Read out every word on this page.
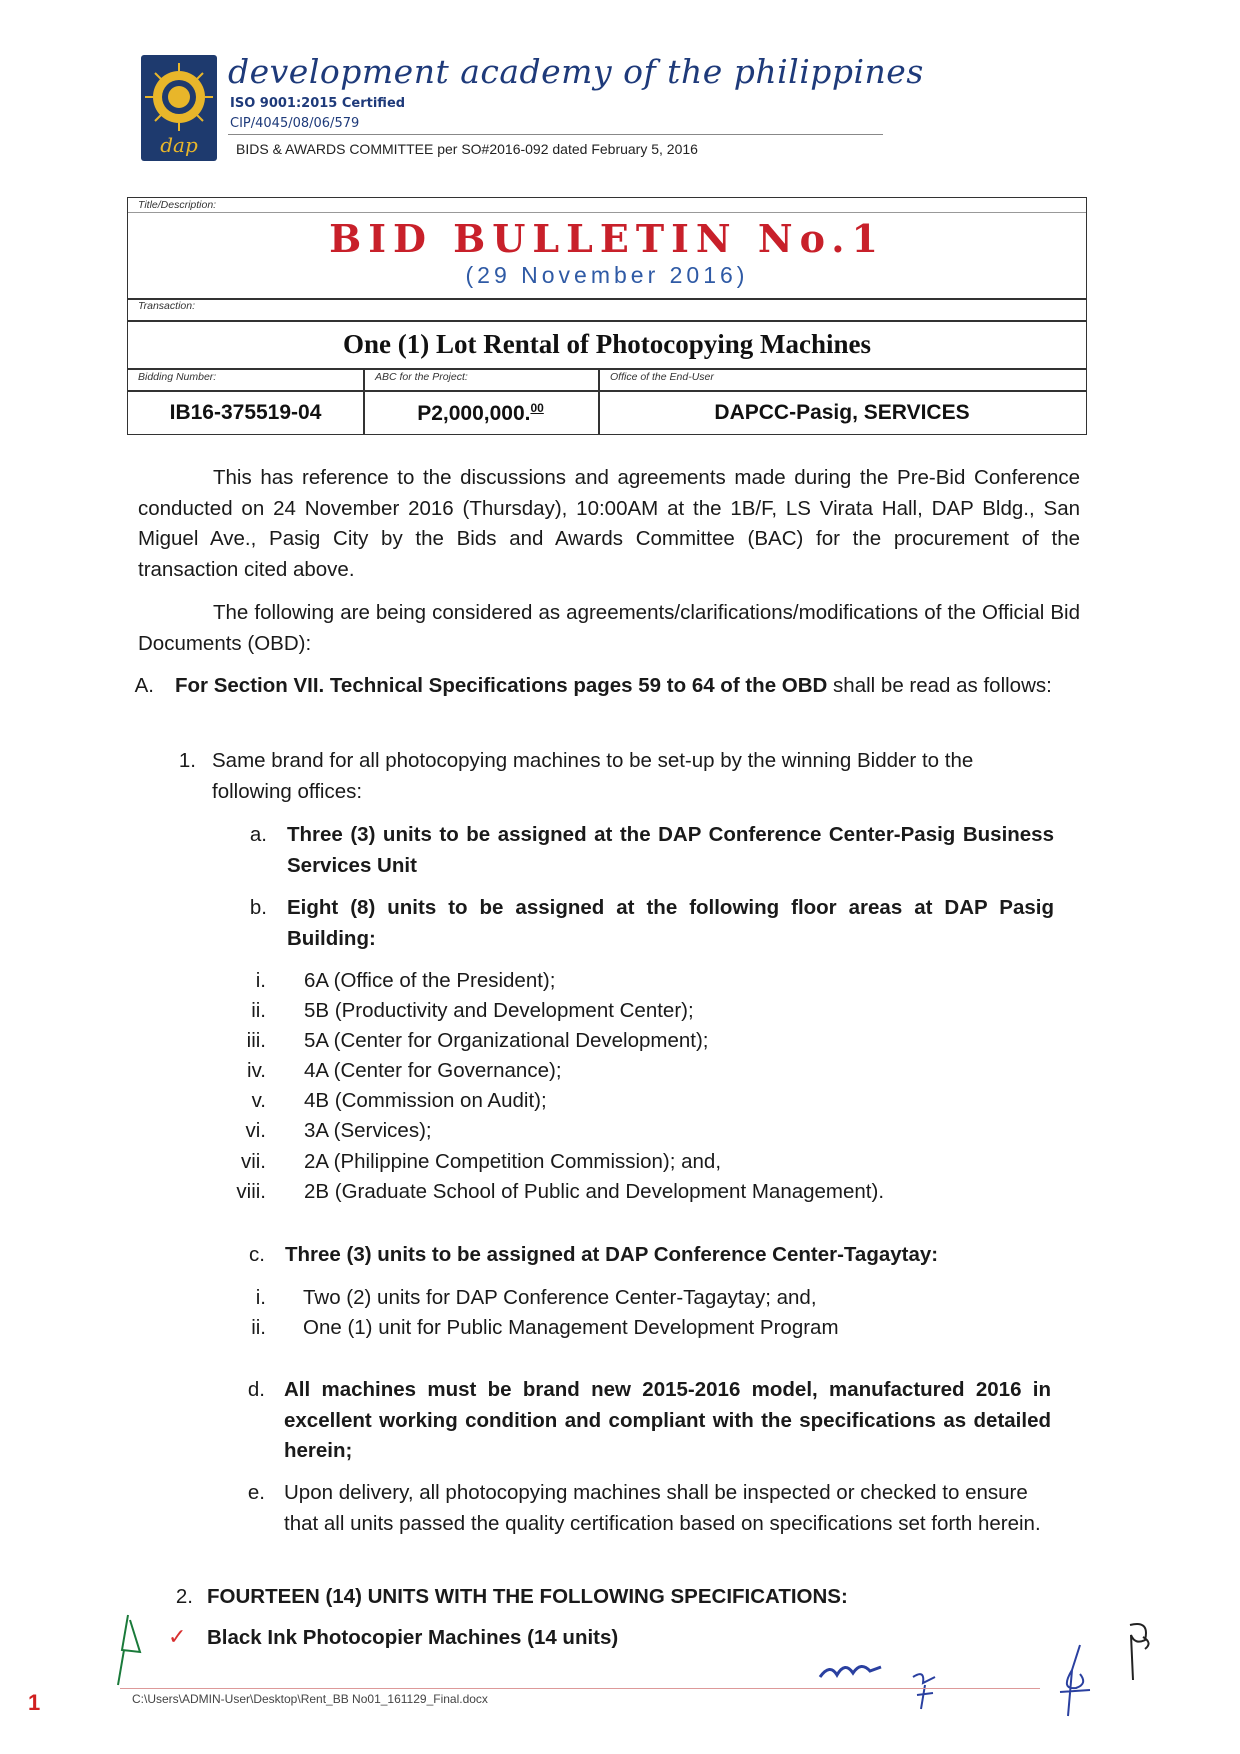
dap
development academy of the philippines
ISO 9001:2015 Certified
CIP/4045/08/06/579
BIDS & AWARDS COMMITTEE per SO#2016-092 dated February 5, 2016
Title/Description:
BID BULLETIN No.1
(29 November 2016)
Transaction:
One (1) Lot Rental of Photocopying Machines
Bidding Number:	ABC for the Project:	Office of the End-User
IB16-375519-04	P2,000,000.00	DAPCC-Pasig, SERVICES
This has reference to the discussions and agreements made during the Pre-Bid Conference conducted on 24 November 2016 (Thursday), 10:00AM at the 1B/F, LS Virata Hall, DAP Bldg., San Miguel Ave., Pasig City by the Bids and Awards Committee (BAC) for the procurement of the transaction cited above.
The following are being considered as agreements/clarifications/modifications of the Official Bid Documents (OBD):
A. For Section VII. Technical Specifications pages 59 to 64 of the OBD shall be read as follows:
1. Same brand for all photocopying machines to be set-up by the winning Bidder to the following offices:
a. Three (3) units to be assigned at the DAP Conference Center-Pasig Business Services Unit
b. Eight (8) units to be assigned at the following floor areas at DAP Pasig Building:
i. 6A (Office of the President);
ii. 5B (Productivity and Development Center);
iii. 5A (Center for Organizational Development);
iv. 4A (Center for Governance);
v. 4B (Commission on Audit);
vi. 3A (Services);
vii. 2A (Philippine Competition Commission); and,
viii. 2B (Graduate School of Public and Development Management).
c. Three (3) units to be assigned at DAP Conference Center-Tagaytay:
i. Two (2) units for DAP Conference Center-Tagaytay; and,
ii. One (1) unit for Public Management Development Program
d. All machines must be brand new 2015-2016 model, manufactured 2016 in excellent working condition and compliant with the specifications as detailed herein;
e. Upon delivery, all photocopying machines shall be inspected or checked to ensure that all units passed the quality certification based on specifications set forth herein.
2. FOURTEEN (14) UNITS WITH THE FOLLOWING SPECIFICATIONS:
✓ Black Ink Photocopier Machines (14 units)
C:\Users\ADMIN-User\Desktop\Rent_BB No01_161129_Final.docx
1
